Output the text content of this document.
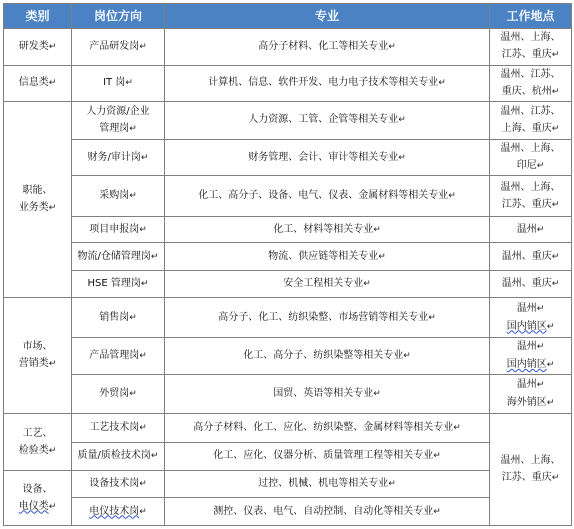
类别	岗位方向	专业	工作地点
研发类↵	产品研发岗↵	高分子材料、化工等相关专业↵	温州、上海、
江苏、重庆↵
信息类↵	IT 岗↵	计算机、信息、软件开发、电力电子技术等相关专业↵	温州、江苏、
重庆、杭州↵
职能、
业务类↵	人力资源/企业
管理岗↵	人力资源、工管、企管等相关专业↵	温州、江苏、
上海、重庆↵
	财务/审计岗↵	财务管理、会计、审计等相关专业↵	温州、上海、
印尼↵
	采购岗↵	化工、高分子、设备、电气、仪表、金属材料等相关专业↵	温州、上海、
江苏、重庆↵
	项目申报岗↵	化工、材料等相关专业↵	温州↵
	物流/仓储管理岗↵	物流、供应链等相关专业↵	温州、重庆↵
	HSE 管理岗↵	安全工程相关专业↵	温州、重庆↵
市场、
营销类↵	销售岗↵	高分子、化工、纺织染整、市场营销等相关专业↵	温州↵
国内销区↵
	产品管理岗↵	化工、高分子、纺织染整等相关专业↵	温州↵
国内销区↵
	外贸岗↵	国贸、英语等相关专业↵	温州↵
海外销区↵
工艺、
检验类↵	工艺技术岗↵	高分子材料、化工、应化、纺织染整、金属材料等相关专业↵	温州、上海、
江苏、重庆↵
	质量/质检技术岗↵	化工、应化、仪器分析、质量管理工程等相关专业↵	
设备、
电仪类↵	设备技术岗↵	过控、机械、机电等相关专业↵	
	电仪技术岗↵	测控、仪表、电气、自动控制、自动化等相关专业↵	
